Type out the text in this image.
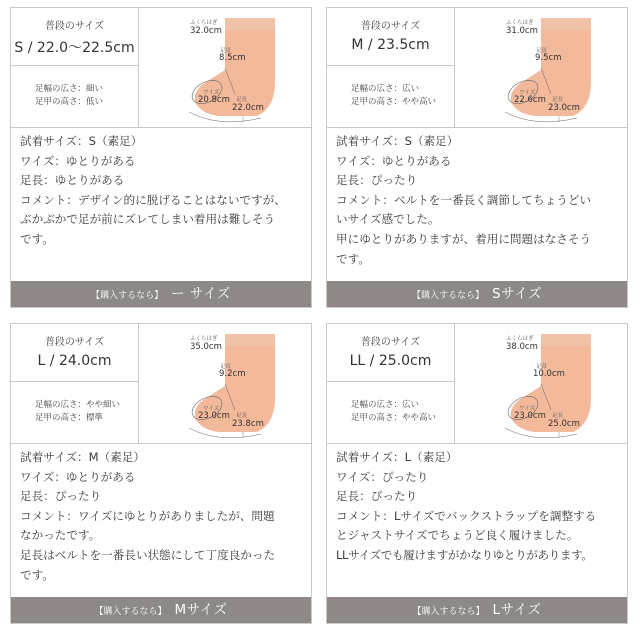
普段のサイズ
S / 22.0〜22.5cm
足幅の広さ：細い
足甲の高さ：低い
ふくらはぎ
32.0cm
足首
8.5cm
ワイズ
20.8cm 足長
22.0cm
試着サイズ：S（素足）
ワイズ：ゆとりがある
足長：ゆとりがある
コメント：デザイン的に脱げることはないですが、
ぶかぶかで足が前にズレてしまい着用は難しそう
です。
【購入するなら】 ー サイズ
普段のサイズ
M / 23.5cm
足幅の広さ：広い
足甲の高さ：やや高い
ふくらはぎ
31.0cm
足首
9.5cm
ワイズ
22.6cm 足長
23.0cm
試着サイズ：S（素足）
ワイズ：ゆとりがある
足長：ぴったり
コメント：ベルトを一番長く調節してちょうどい
いサイズ感でした。
甲にゆとりがありますが、着用に問題はなさそう
です。
【購入するなら】 Sサイズ
普段のサイズ
L / 24.0cm
足幅の広さ：やや細い
足甲の高さ：標準
ふくらはぎ
35.0cm
足首
9.2cm
ワイズ
23.0cm 足長
23.8cm
試着サイズ：M（素足）
ワイズ：ゆとりがある
足長：ぴったり
コメント：ワイズにゆとりがありましたが、問題
なかったです。
足長はベルトを一番長い状態にして丁度良かった
です。
【購入するなら】 Mサイズ
普段のサイズ
LL / 25.0cm
足幅の広さ：広い
足甲の高さ：やや高い
ふくらはぎ
38.0cm
足首
10.0cm
ワイズ
23.0cm 足長
25.0cm
試着サイズ：L（素足）
ワイズ：ぴったり
足長：ぴったり
コメント：Lサイズでバックストラップを調整する
とジャストサイズでちょうど良く履けました。
LLサイズでも履けますがかなりゆとりがあります。
【購入するなら】 Lサイズ
